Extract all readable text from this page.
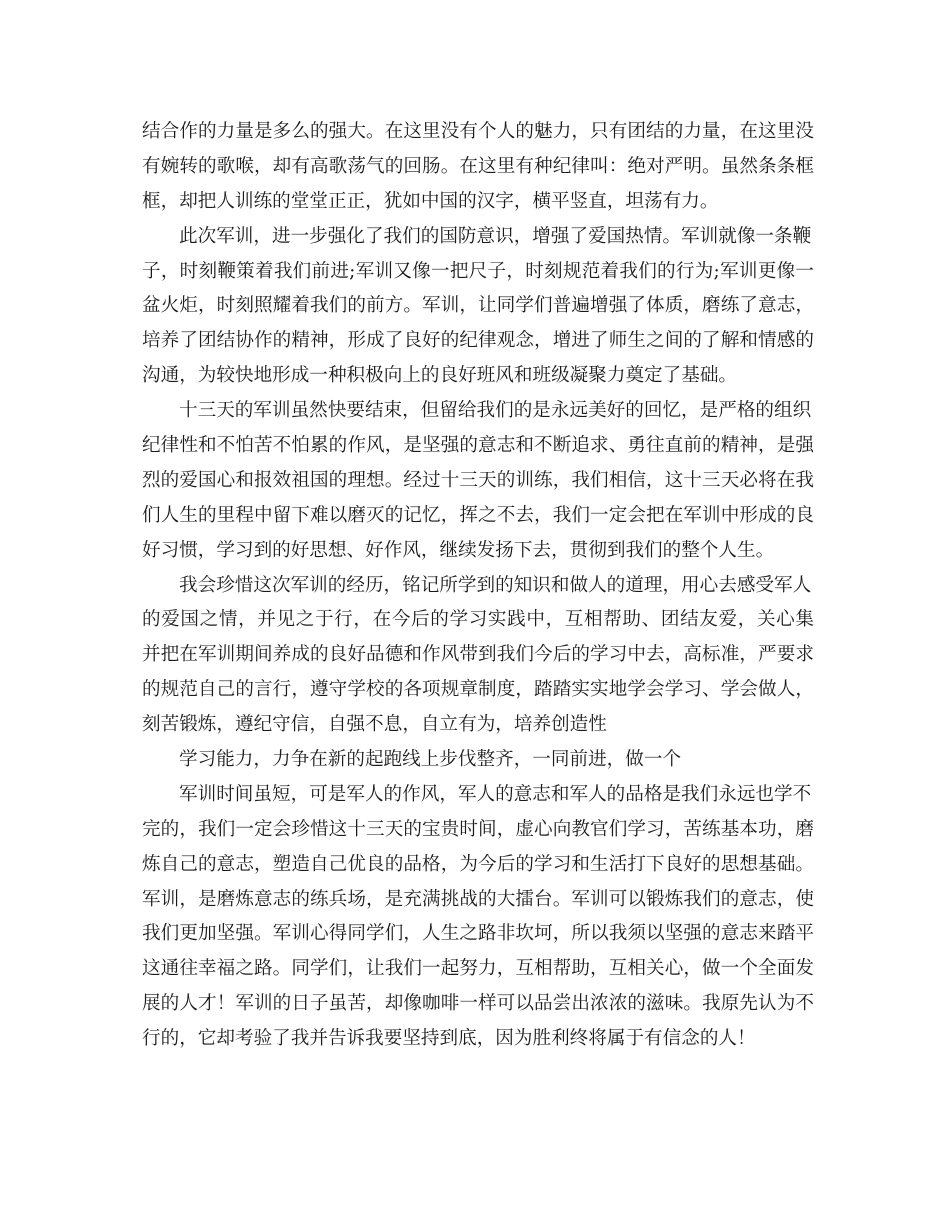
结合作的力量是多么的强大。在这里没有个人的魅力，只有团结的力量，在这里没
有婉转的歌喉，却有高歌荡气的回肠。在这里有种纪律叫：绝对严明。虽然条条框
框，却把人训练的堂堂正正，犹如中国的汉字，横平竖直，坦荡有力。
此次军训，进一步强化了我们的国防意识，增强了爱国热情。军训就像一条鞭
子，时刻鞭策着我们前进;军训又像一把尺子，时刻规范着我们的行为;军训更像一
盆火炬，时刻照耀着我们的前方。军训，让同学们普遍增强了体质，磨练了意志，
培养了团结协作的精神，形成了良好的纪律观念，增进了师生之间的了解和情感的
沟通，为较快地形成一种积极向上的良好班风和班级凝聚力奠定了基础。
十三天的军训虽然快要结束，但留给我们的是永远美好的回忆，是严格的组织
纪律性和不怕苦不怕累的作风，是坚强的意志和不断追求、勇往直前的精神，是强
烈的爱国心和报效祖国的理想。经过十三天的训练，我们相信，这十三天必将在我
们人生的里程中留下难以磨灭的记忆，挥之不去，我们一定会把在军训中形成的良
好习惯，学习到的好思想、好作风，继续发扬下去，贯彻到我们的整个人生。
我会珍惜这次军训的经历，铭记所学到的知识和做人的道理，用心去感受军人
的爱国之情，并见之于行，在今后的学习实践中，互相帮助、团结友爱，关心集
并把在军训期间养成的良好品德和作风带到我们今后的学习中去，高标准，严要求
的规范自己的言行，遵守学校的各项规章制度，踏踏实实地学会学习、学会做人，
刻苦锻炼，遵纪守信，自强不息，自立有为，培养创造性
学习能力，力争在新的起跑线上步伐整齐，一同前进，做一个
军训时间虽短，可是军人的作风，军人的意志和军人的品格是我们永远也学不
完的，我们一定会珍惜这十三天的宝贵时间，虚心向教官们学习，苦练基本功，磨
炼自己的意志，塑造自己优良的品格，为今后的学习和生活打下良好的思想基础。
军训，是磨炼意志的练兵场，是充满挑战的大擂台。军训可以锻炼我们的意志，使
我们更加坚强。军训心得同学们，人生之路非坎坷，所以我须以坚强的意志来踏平
这通往幸福之路。同学们，让我们一起努力，互相帮助，互相关心，做一个全面发
展的人才！军训的日子虽苦，却像咖啡一样可以品尝出浓浓的滋味。我原先认为不
行的，它却考验了我并告诉我要坚持到底，因为胜利终将属于有信念的人！
